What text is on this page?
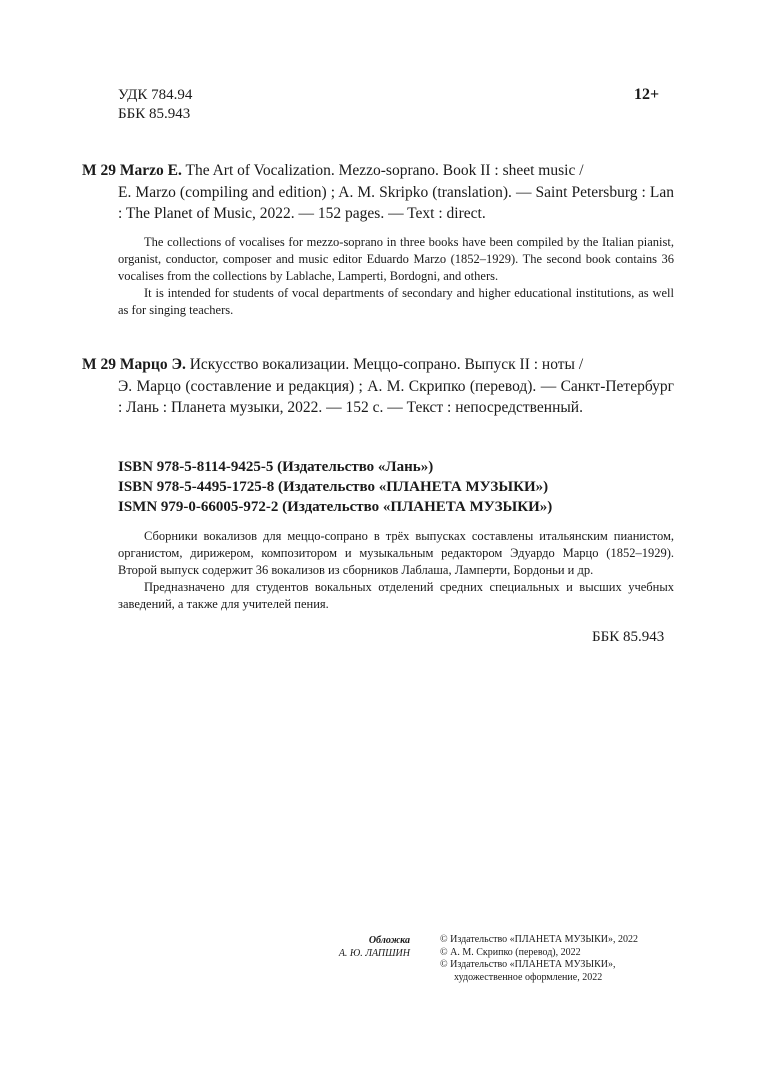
УДК 784.94
ББК 85.943
12+
М 29 Marzo E. The Art of Vocalization. Mezzo-soprano. Book II : sheet music /
E. Marzo (compiling and edition) ; A. M. Skripko (translation). — Saint Petersburg : Lan : The Planet of Music, 2022. — 152 pages. — Text : direct.

The collections of vocalises for mezzo-soprano in three books have been compiled by the Italian pianist, organist, conductor, composer and music editor Eduardo Marzo (1852–1929). The second book contains 36 vocalises from the collections by Lablache, Lamperti, Bordogni, and others.

It is intended for students of vocal departments of secondary and higher educational institutions, as well as for singing teachers.

М 29 Марцо Э. Искусство вокализации. Меццо-сопрано. Выпуск II : ноты /
Э. Марцо (составление и редакция) ; А. М. Скрипко (перевод). — Санкт-Петербург : Лань : Планета музыки, 2022. — 152 с. — Текст : непосредственный.
ISBN 978-5-8114-9425-5 (Издательство «Лань»)
ISBN 978-5-4495-1725-8 (Издательство «ПЛАНЕТА МУЗЫКИ»)
ISMN 979-0-66005-972-2 (Издательство «ПЛАНЕТА МУЗЫКИ»)

Сборники вокализов для меццо-сопрано в трёх выпусках составлены итальянским пианистом, органистом, дирижером, композитором и музыкальным редактором Эдуардо Марцо (1852–1929). Второй выпуск содержит 36 вокализов из сборников Лаблаша, Ламперти, Бордоньи и др.

Предназначено для студентов вокальных отделений средних специальных и высших учебных заведений, а также для учителей пения.

ББК 85.943
Обложка
А. Ю. ЛАПШИН
© Издательство «ПЛАНЕТА МУЗЫКИ», 2022
© А. М. Скрипко (перевод), 2022
© Издательство «ПЛАНЕТА МУЗЫКИ»,
художественное оформление, 2022
